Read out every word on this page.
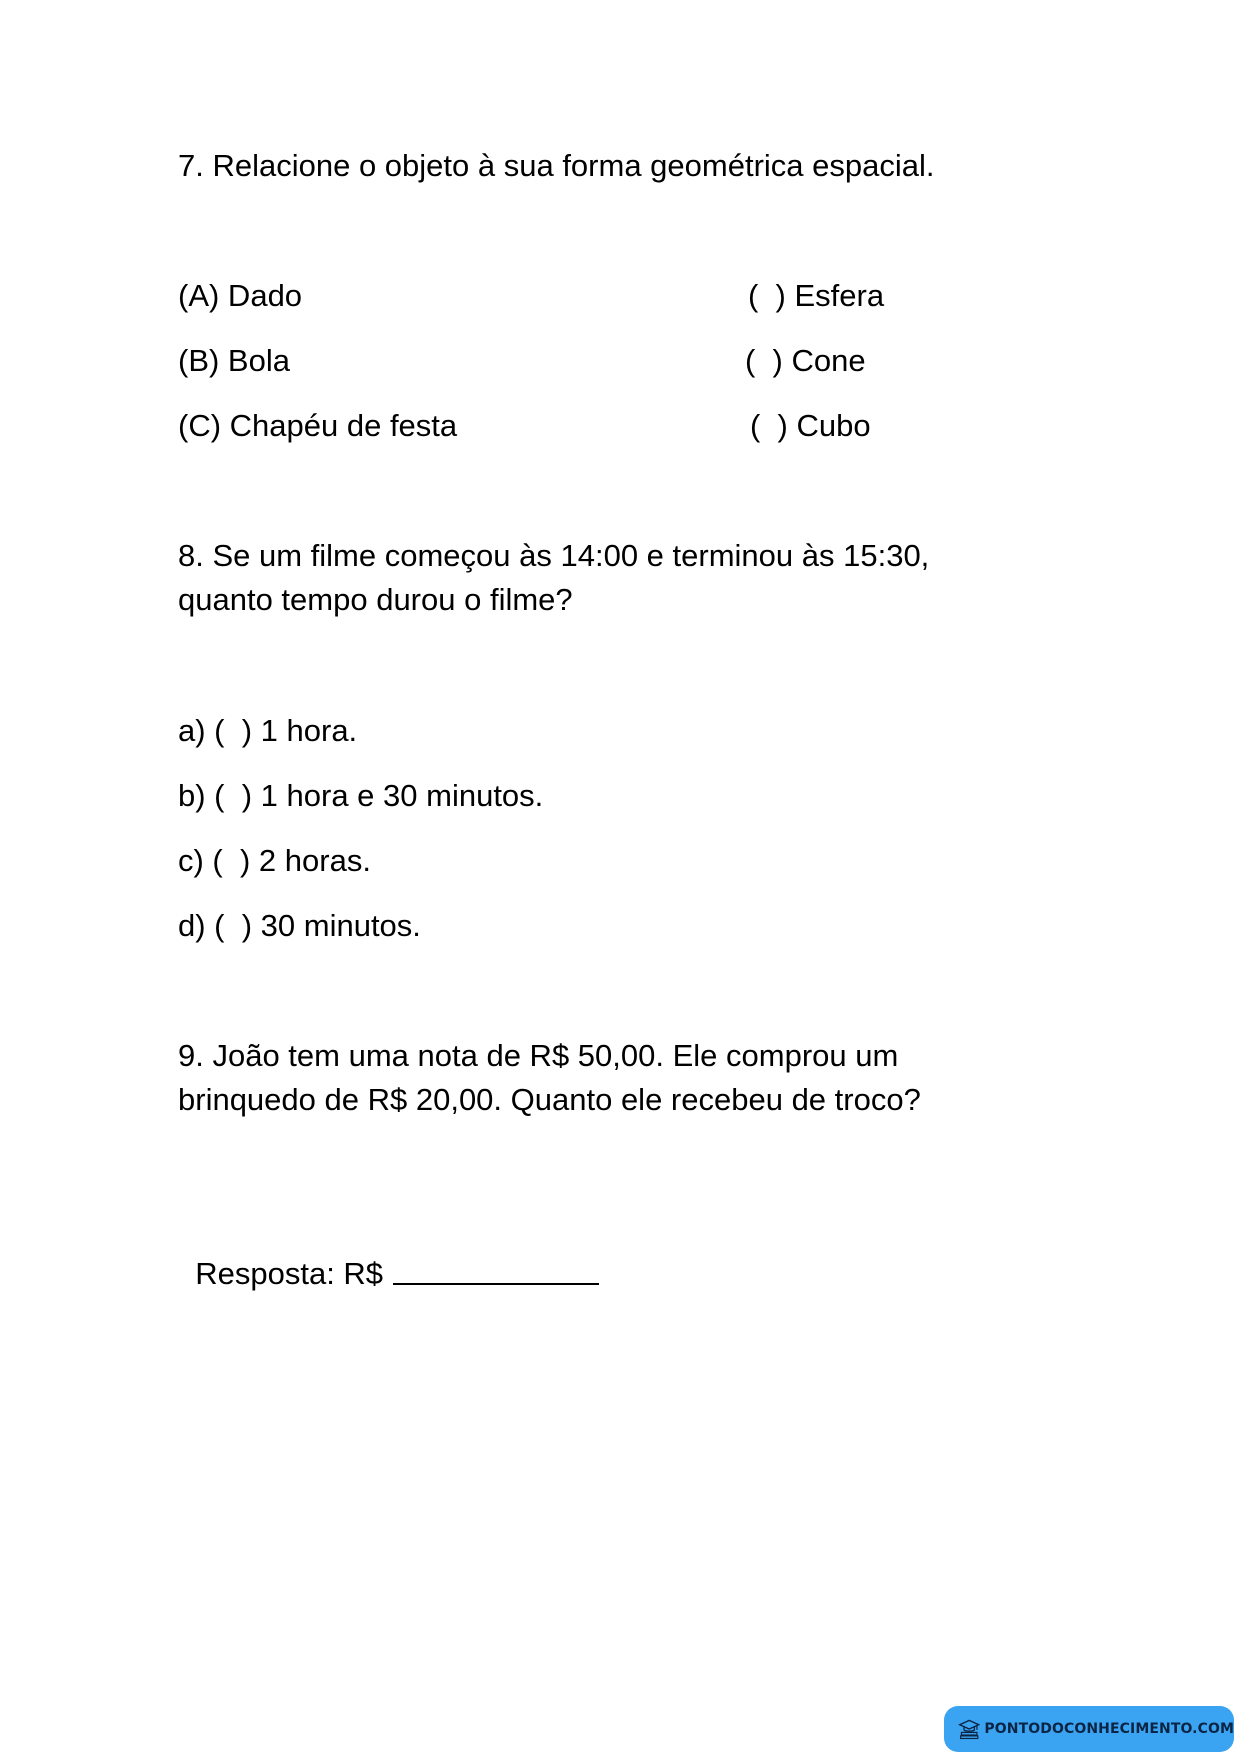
7. Relacione o objeto à sua forma geométrica espacial.
(A) Dado
(B) Bola
(C) Chapéu de festa
(  ) Esfera
(  ) Cone
(  ) Cubo
8. Se um filme começou às 14:00 e terminou às 15:30,
quanto tempo durou o filme?
a) (  ) 1 hora.
b) (  ) 1 hora e 30 minutos.
c) (  ) 2 horas.
d) (  ) 30 minutos.
9. João tem uma nota de R$ 50,00. Ele comprou um
brinquedo de R$ 20,00. Quanto ele recebeu de troco?

Resposta: R$

PONTODOCONHECIMENTO.COM
